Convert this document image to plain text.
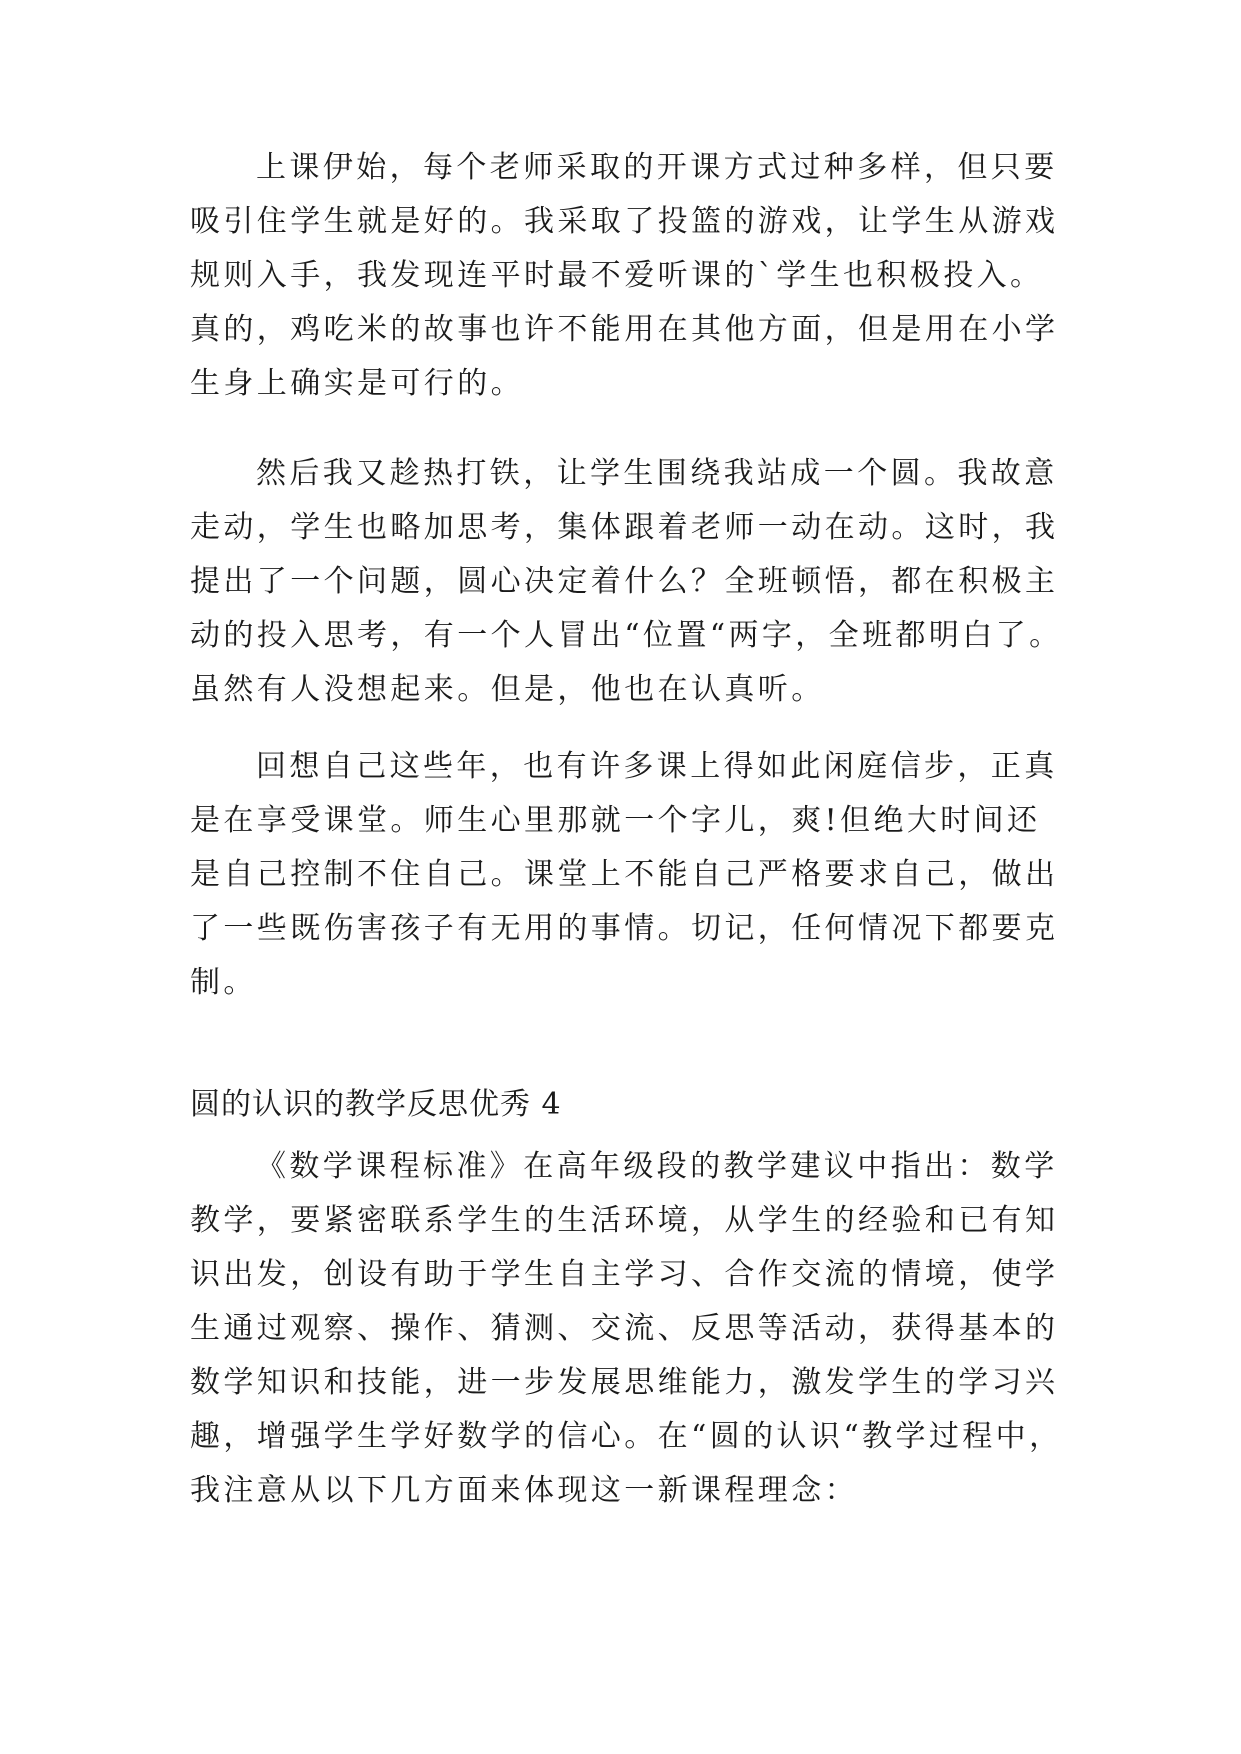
上课伊始，每个老师采取的开课方式过种多样，但只要
吸引住学生就是好的。我采取了投篮的游戏，让学生从游戏
规则入手，我发现连平时最不爱听课的`学生也积极投入。
真的，鸡吃米的故事也许不能用在其他方面，但是用在小学
生身上确实是可行的。
然后我又趁热打铁，让学生围绕我站成一个圆。我故意
走动，学生也略加思考，集体跟着老师一动在动。这时，我
提出了一个问题，圆心决定着什么？全班顿悟，都在积极主
动的投入思考，有一个人冒出“位置“两字，全班都明白了。
虽然有人没想起来。但是，他也在认真听。
回想自己这些年，也有许多课上得如此闲庭信步，正真
是在享受课堂。师生心里那就一个字儿，爽!但绝大时间还
是自己控制不住自己。课堂上不能自己严格要求自己，做出
了一些既伤害孩子有无用的事情。切记，任何情况下都要克
制。
圆的认识的教学反思优秀 4
《数学课程标准》在高年级段的教学建议中指出：数学
教学，要紧密联系学生的生活环境，从学生的经验和已有知
识出发，创设有助于学生自主学习、合作交流的情境，使学
生通过观察、操作、猜测、交流、反思等活动，获得基本的
数学知识和技能，进一步发展思维能力，激发学生的学习兴
趣，增强学生学好数学的信心。在“圆的认识“教学过程中，
我注意从以下几方面来体现这一新课程理念：
